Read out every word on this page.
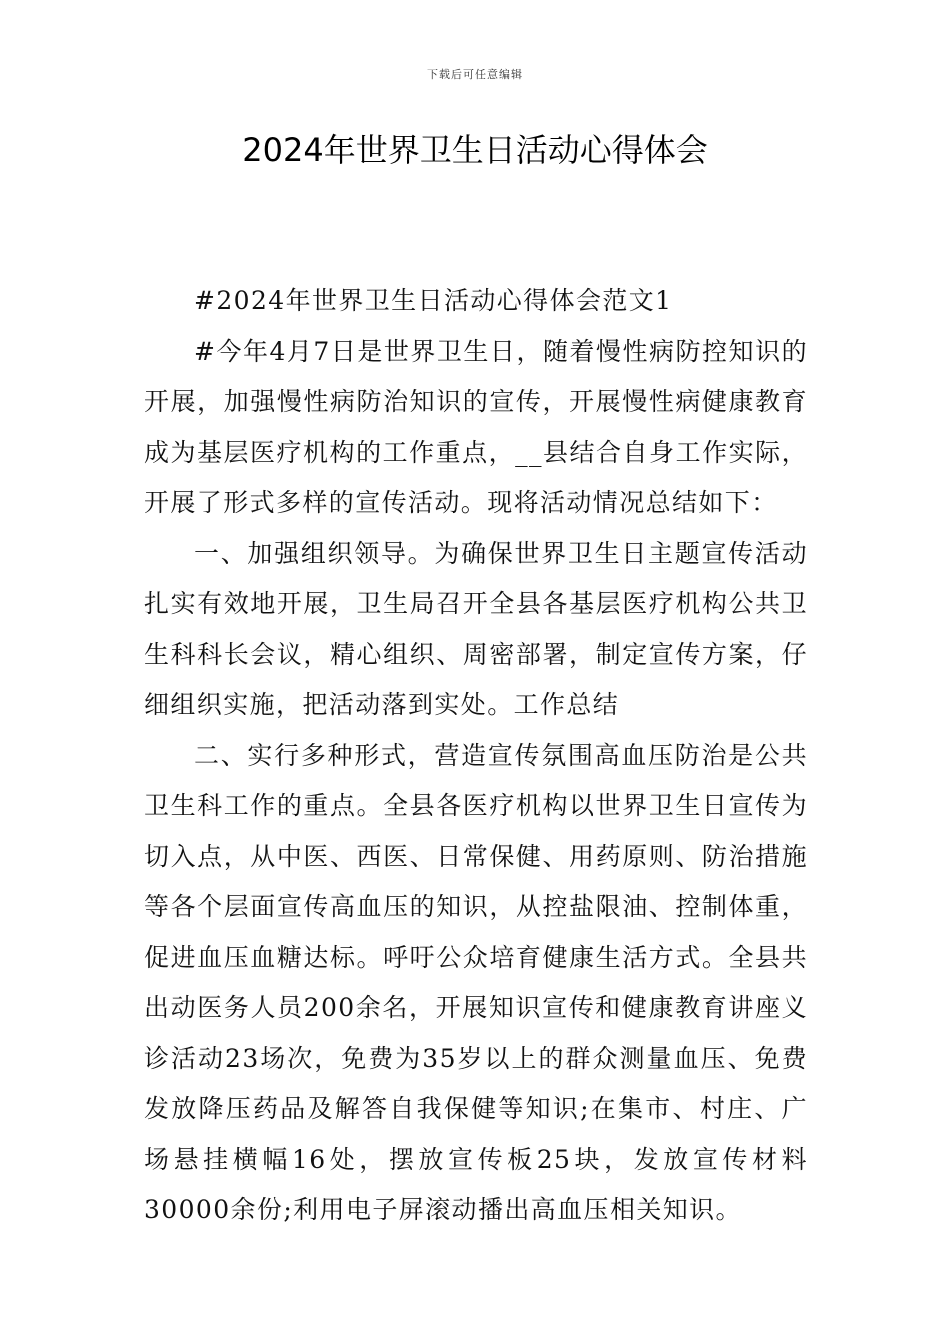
下载后可任意编辑
2024年世界卫生日活动心得体会

#2024年世界卫生日活动心得体会范文1

#今年4月7日是世界卫生日，随着慢性病防控知识的开展，加强慢性病防治知识的宣传，开展慢性病健康教育成为基层医疗机构的工作重点，__县结合自身工作实际，开展了形式多样的宣传活动。现将活动情况总结如下：

一、加强组织领导。为确保世界卫生日主题宣传活动扎实有效地开展，卫生局召开全县各基层医疗机构公共卫生科科长会议，精心组织、周密部署，制定宣传方案，仔细组织实施，把活动落到实处。工作总结

二、实行多种形式，营造宣传氛围高血压防治是公共卫生科工作的重点。全县各医疗机构以世界卫生日宣传为切入点，从中医、西医、日常保健、用药原则、防治措施等各个层面宣传高血压的知识，从控盐限油、控制体重，促进血压血糖达标。呼吁公众培育健康生活方式。全县共出动医务人员200余名，开展知识宣传和健康教育讲座义诊活动23场次，免费为35岁以上的群众测量血压、免费发放降压药品及解答自我保健等知识;在集市、村庄、广场悬挂横幅16处，摆放宣传板25块，发放宣传材料30000余份;利用电子屏滚动播出高血压相关知识。
